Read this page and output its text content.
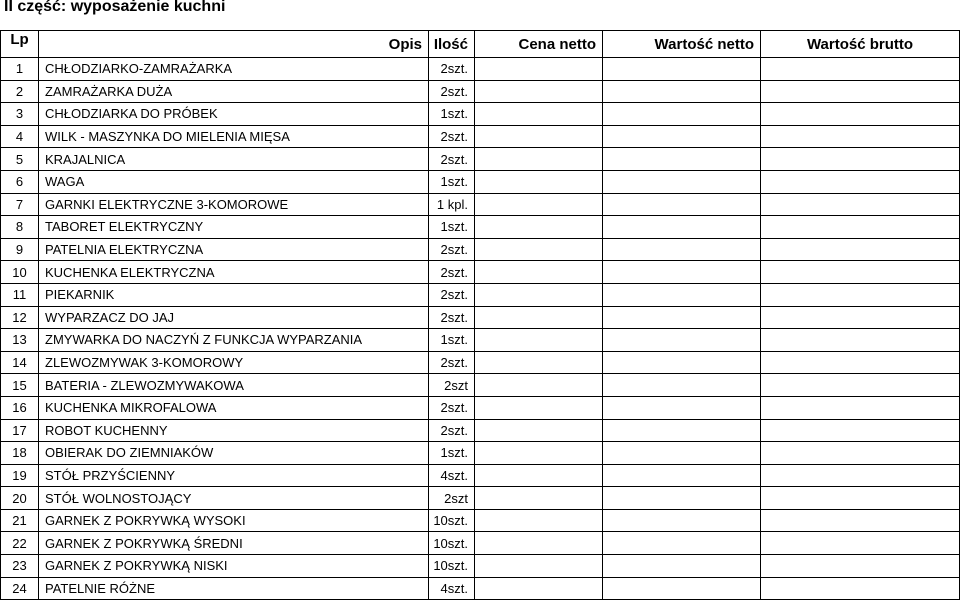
II część: wyposażenie kuchni
Lp	Opis	Ilość	Cena netto	Wartość netto	Wartość brutto
1	CHŁODZIARKO-ZAMRAŻARKA	2szt.			
2	ZAMRAŻARKA DUŻA	2szt.			
3	CHŁODZIARKA DO PRÓBEK	1szt.			
4	WILK - MASZYNKA DO MIELENIA MIĘSA	2szt.			
5	KRAJALNICA	2szt.			
6	WAGA	1szt.			
7	GARNKI ELEKTRYCZNE 3-KOMOROWE	1 kpl.			
8	TABORET ELEKTRYCZNY	1szt.			
9	PATELNIA ELEKTRYCZNA	2szt.			
10	KUCHENKA ELEKTRYCZNA	2szt.			
11	PIEKARNIK	2szt.			
12	WYPARZACZ DO JAJ	2szt.			
13	ZMYWARKA DO NACZYŃ Z FUNKCJA WYPARZANIA	1szt.			
14	ZLEWOZMYWAK 3-KOMOROWY	2szt.			
15	BATERIA - ZLEWOZMYWAKOWA	2szt			
16	KUCHENKA MIKROFALOWA	2szt.			
17	ROBOT KUCHENNY	2szt.			
18	OBIERAK DO ZIEMNIAKÓW	1szt.			
19	STÓŁ PRZYŚCIENNY	4szt.			
20	STÓŁ WOLNOSTOJĄCY	2szt			
21	GARNEK Z POKRYWKĄ WYSOKI	10szt.			
22	GARNEK Z POKRYWKĄ ŚREDNI	10szt.			
23	GARNEK Z POKRYWKĄ NISKI	10szt.			
24	PATELNIE RÓŻNE	4szt.			
